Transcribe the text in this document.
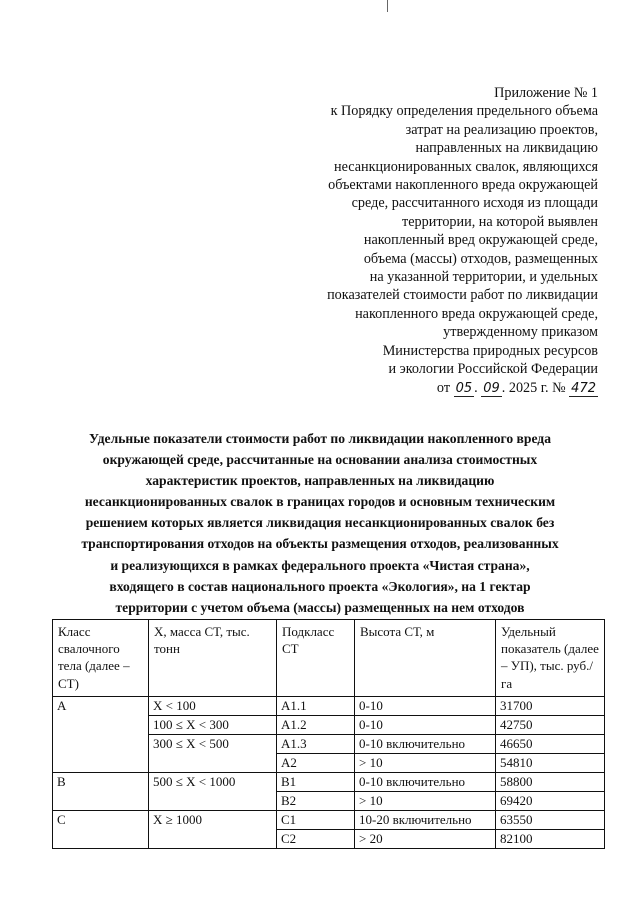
Приложение № 1
к Порядку определения предельного объема
затрат на реализацию проектов,
направленных на ликвидацию
несанкционированных свалок, являющихся
объектами накопленного вреда окружающей
среде, рассчитанного исходя из площади
территории, на которой выявлен
накопленный вред окружающей среде,
объема (массы) отходов, размещенных
на указанной территории, и удельных
показателей стоимости работ по ликвидации
накопленного вреда окружающей среде,
утвержденному приказом
Министерства природных ресурсов
и экологии Российской Федерации
от 05 . 09 . 2025 г. № 472
Удельные показатели стоимости работ по ликвидации накопленного вреда
окружающей среде, рассчитанные на основании анализа стоимостных
характеристик проектов, направленных на ликвидацию
несанкционированных свалок в границах городов и основным техническим
решением которых является ликвидация несанкционированных свалок без
транспортирования отходов на объекты размещения отходов, реализованных
и реализующихся в рамках федерального проекта «Чистая страна»,
входящего в состав национального проекта «Экология», на 1 гектар
территории с учетом объема (массы) размещенных на нем отходов
Класс свалочного тела (далее – СТ)	X, масса СТ, тыс. тонн	Подкласс СТ	Высота СТ, м	Удельный показатель (далее – УП), тыс. руб./га
A	X < 100	A1.1	0-10	31700
	100 ≤ X < 300	A1.2	0-10	42750
	300 ≤ X < 500	A1.3	0-10 включительно	46650
		A2	> 10	54810
B	500 ≤ X < 1000	B1	0-10 включительно	58800
		B2	> 10	69420
C	X ≥ 1000	C1	10-20 включительно	63550
		C2	> 20	82100
